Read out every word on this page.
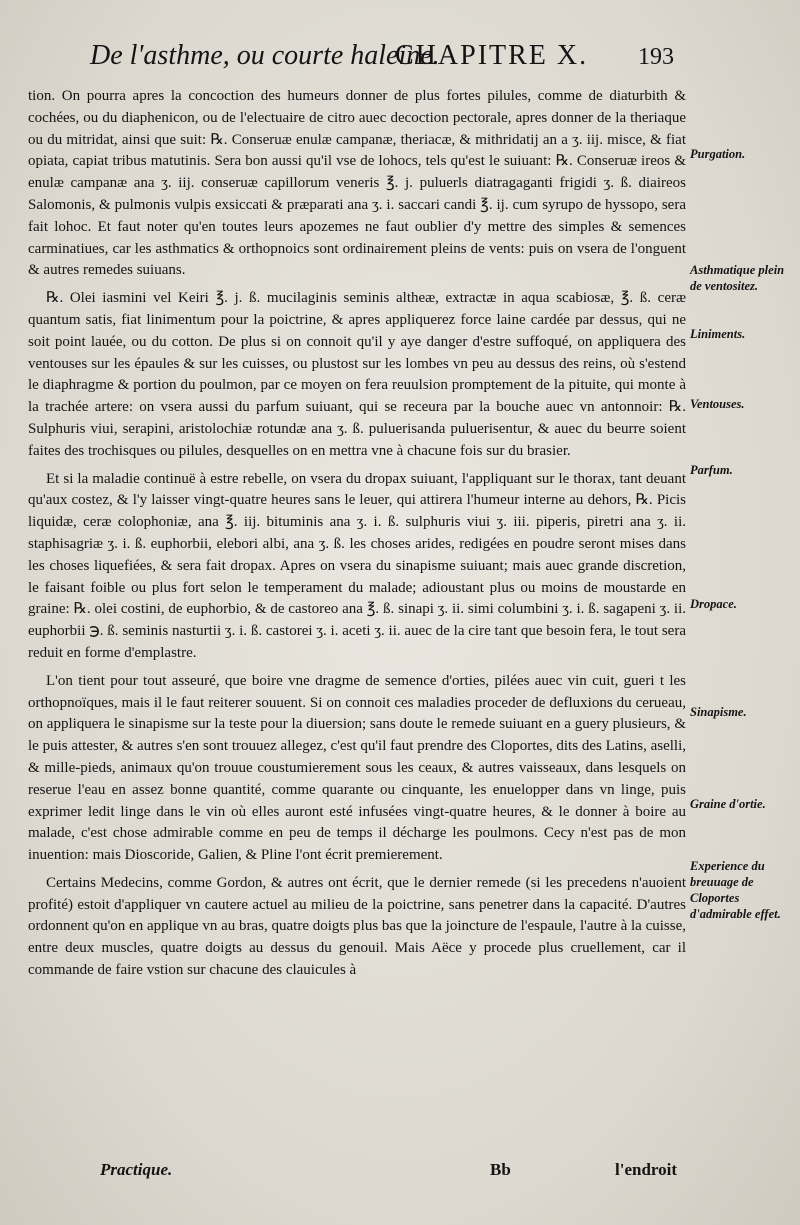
De l'asthme, ou courte haleine.
CHAPITRE X. 193

tion. On pourra apres la concoction des humeurs donner de plus fortes pilules, comme de diaturbith & cochées, ou du diaphenicon, ou de l'electuaire de citro auec decoction pectorale, apres donner de la theriaque ou du mitridat, ainsi que suit: ℞. Conseruæ enulæ campanæ, theriacæ, & mithridatij an a ʒ. iij. misce, & fiat opiata, capiat tribus matutinis. Sera bon aussi qu'il vse de lohocs, tels qu'est le suiuant: ℞. Conseruæ ireos & enulæ campanæ ana ʒ. iij. conseruæ capillorum veneris ℥. j. puluerls diatragaganti frigidi ʒ. ß. diaireos Salomonis, & pulmonis vulpis exsiccati & præparati ana ʒ. i. saccari candi ℥. ij. cum syrupo de hyssopo, sera fait lohoc. Et faut noter qu'en toutes leurs apozemes ne faut oublier d'y mettre des simples & semences carminatiues, car les asthmatics & orthopnoics sont ordinairement pleins de vents: puis on vsera de l'onguent & autres remedes suiuans.

℞. Olei iasmini vel Keiri ℥. j. ß. mucilaginis seminis altheæ, extractæ in aqua scabiosæ, ℥. ß. ceræ quantum satis, fiat linimentum pour la poictrine, & apres appliquerez force laine cardée par dessus, qui ne soit point lauée, ou du cotton. De plus si on connoit qu'il y aye danger d'estre suffoqué, on appliquera des ventouses sur les épaules & sur les cuisses, ou plustost sur les lombes vn peu au dessus des reins, où s'estend le diaphragme & portion du poulmon, par ce moyen on fera reuulsion promptement de la pituite, qui monte à la trachée artere: on vsera aussi du parfum suiuant, qui se receura par la bouche auec vn antonnoir: ℞. Sulphuris viui, serapini, aristolochiæ rotundæ ana ʒ. ß. puluerisanda puluerisentur, & auec du beurre soient faites des trochisques ou pilules, desquelles on en mettra vne à chacune fois sur du brasier.

Et si la maladie continuë à estre rebelle, on vsera du dropax suiuant, l'appliquant sur le thorax, tant deuant qu'aux costez, & l'y laisser vingt-quatre heures sans le leuer, qui attirera l'humeur interne au dehors, ℞. Picis liquidæ, ceræ colophoniæ, ana ℥. iij. bituminis ana ʒ. i. ß. sulphuris viui ʒ. iii. piperis, piretri ana ʒ. ii. staphisagriæ ʒ. i. ß. euphorbii, elebori albi, ana ʒ. ß. les choses arides, redigées en poudre seront mises dans les choses liquefiées, & sera fait dropax. Apres on vsera du sinapisme suiuant; mais auec grande discretion, le faisant foible ou plus fort selon le temperament du malade; adioustant plus ou moins de moustarde en graine: ℞. olei costini, de euphorbio, & de castoreo ana ℥. ß. sinapi ʒ. ii. simi columbini ʒ. i. ß. sagapeni ʒ. ii. euphorbii ℈. ß. seminis nasturtii ʒ. i. ß. castorei ʒ. i. aceti ʒ. ii. auec de la cire tant que besoin fera, le tout sera reduit en forme d'emplastre.

L'on tient pour tout asseuré, que boire vne dragme de semence d'orties, pilées auec vin cuit, gueri t les orthopnoïques, mais il le faut reiterer souuent. Si on connoit ces maladies proceder de defluxions du cerueau, on appliquera le sinapisme sur la teste pour la diuersion; sans doute le remede suiuant en a guery plusieurs, & le puis attester, & autres s'en sont trouuez allegez, c'est qu'il faut prendre des Cloportes, dits des Latins, aselli, & mille-pieds, animaux qu'on trouue coustumierement sous les ceaux, & autres vaisseaux, dans lesquels on reserue l'eau en assez bonne quantité, comme quarante ou cinquante, les enuelopper dans vn linge, puis exprimer ledit linge dans le vin où elles auront esté infusées vingt-quatre heures, & le donner à boire au malade, c'est chose admirable comme en peu de temps il décharge les poulmons. Cecy n'est pas de mon inuention: mais Dioscoride, Galien, & Pline l'ont écrit premierement.

Certains Medecins, comme Gordon, & autres ont écrit, que le dernier remede (si les precedens n'auoient profité) estoit d'appliquer vn cautere actuel au milieu de la poictrine, sans penetrer dans la capacité. D'autres ordonnent qu'on en applique vn au bras, quatre doigts plus bas que la joincture de l'espaule, l'autre à la cuisse, entre deux muscles, quatre doigts au dessus du genouil. Mais Aëce y procede plus cruellement, car il commande de faire vstion sur chacune des clauicules à

Purgation.
Asthmatique plein de ventositez.
Liniments.
Ventouses.
Parfum.
Dropace.
Sinapisme.
Graine d'ortie.
Experience du breuuage de Cloportes d'admirable effet.
Practique.	Bb	l'endroit
